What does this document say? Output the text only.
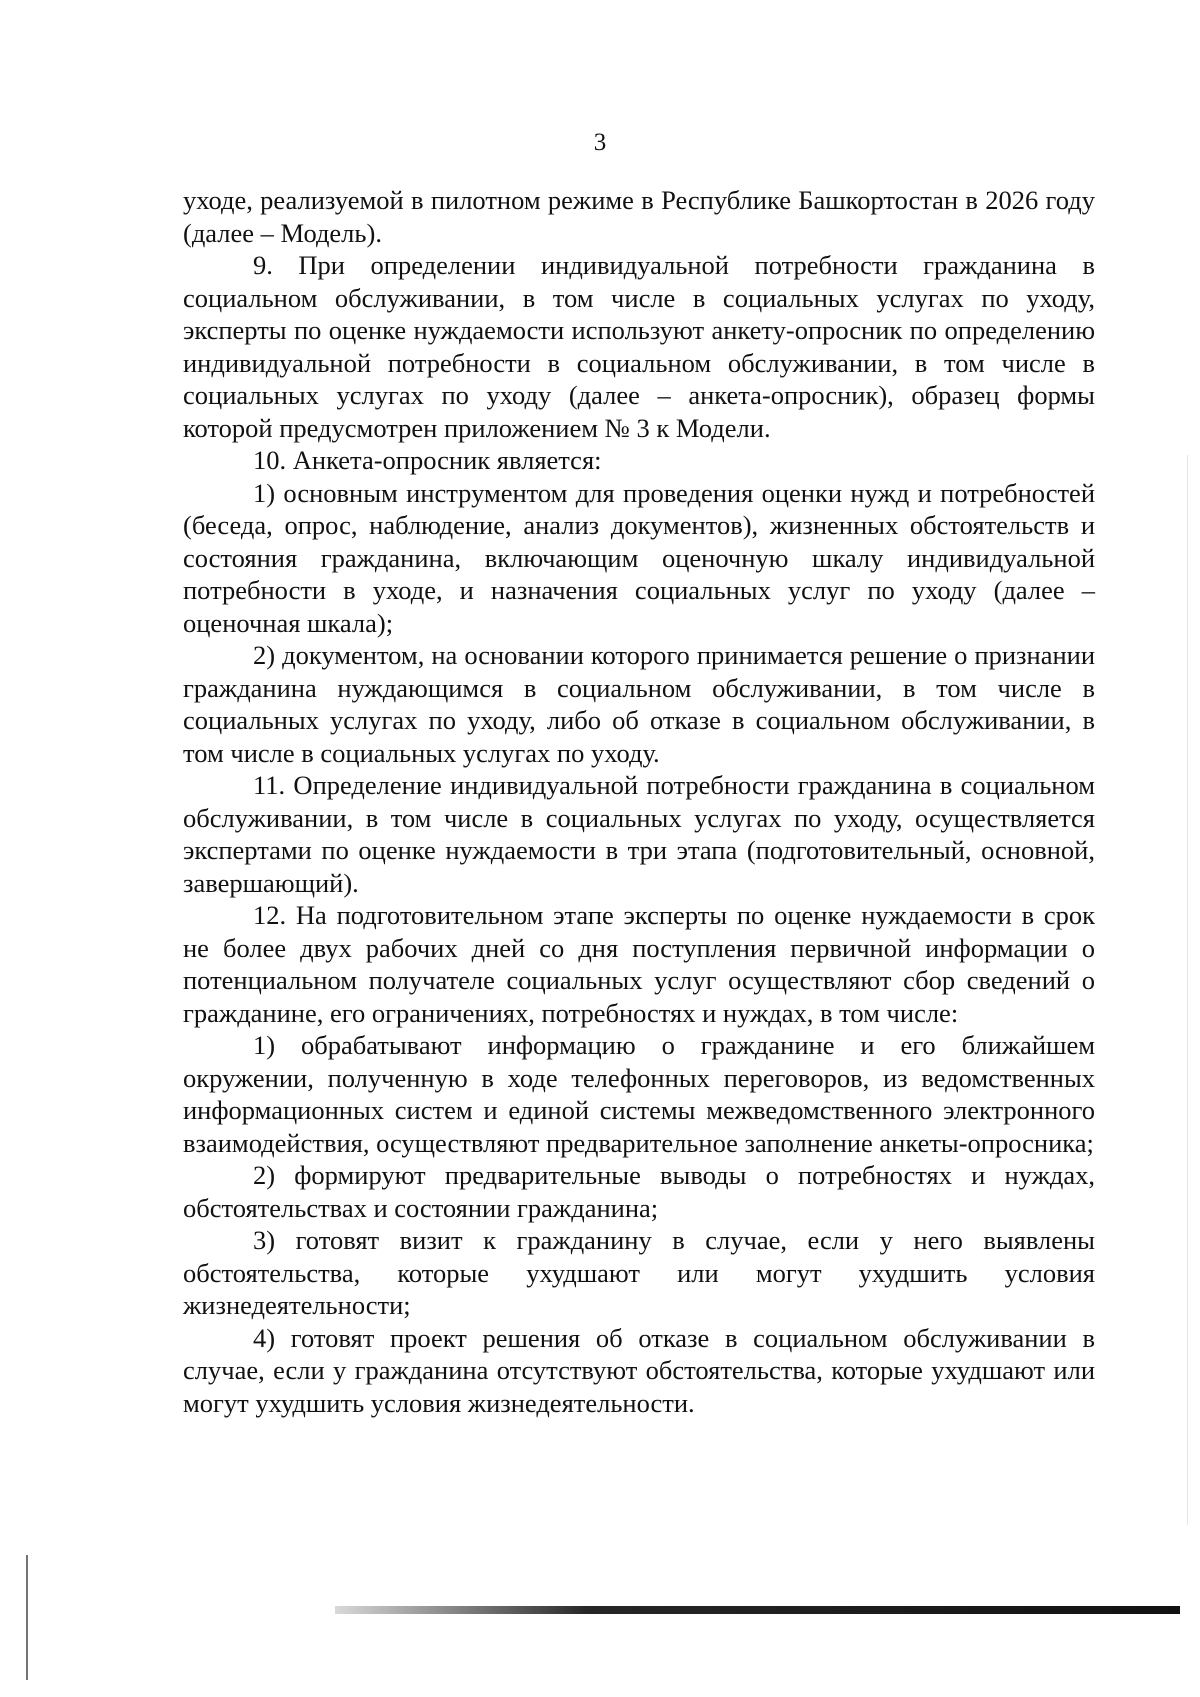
3

уходе, реализуемой в пилотном режиме в Республике Башкортостан в 2026 году (далее – Модель).

9. При определении индивидуальной потребности гражданина в социальном обслуживании, в том числе в социальных услугах по уходу, эксперты по оценке нуждаемости используют анкету-опросник по определению индивидуальной потребности в социальном обслуживании, в том числе в социальных услугах по уходу (далее – анкета-опросник), образец формы которой предусмотрен приложением № 3 к Модели.

10. Анкета-опросник является:

1) основным инструментом для проведения оценки нужд и потребностей (беседа, опрос, наблюдение, анализ документов), жизненных обстоятельств и состояния гражданина, включающим оценочную шкалу индивидуальной потребности в уходе, и назначения социальных услуг по уходу (далее – оценочная шкала);

2) документом, на основании которого принимается решение о признании гражданина нуждающимся в социальном обслуживании, в том числе в социальных услугах по уходу, либо об отказе в социальном обслуживании, в том числе в социальных услугах по уходу.

11. Определение индивидуальной потребности гражданина в социальном обслуживании, в том числе в социальных услугах по уходу, осуществляется экспертами по оценке нуждаемости в три этапа (подготовительный, основной, завершающий).

12. На подготовительном этапе эксперты по оценке нуждаемости в срок не более двух рабочих дней со дня поступления первичной информации о потенциальном получателе социальных услуг осуществляют сбор сведений о гражданине, его ограничениях, потребностях и нуждах, в том числе:

1) обрабатывают информацию о гражданине и его ближайшем окружении, полученную в ходе телефонных переговоров, из ведомственных информационных систем и единой системы межведомственного электронного взаимодействия, осуществляют предварительное заполнение анкеты-опросника;

2) формируют предварительные выводы о потребностях и нуждах, обстоятельствах и состоянии гражданина;

3) готовят визит к гражданину в случае, если у него выявлены обстоятельства, которые ухудшают или могут ухудшить условия жизнедеятельности;

4) готовят проект решения об отказе в социальном обслуживании в случае, если у гражданина отсутствуют обстоятельства, которые ухудшают или могут ухудшить условия жизнедеятельности.
